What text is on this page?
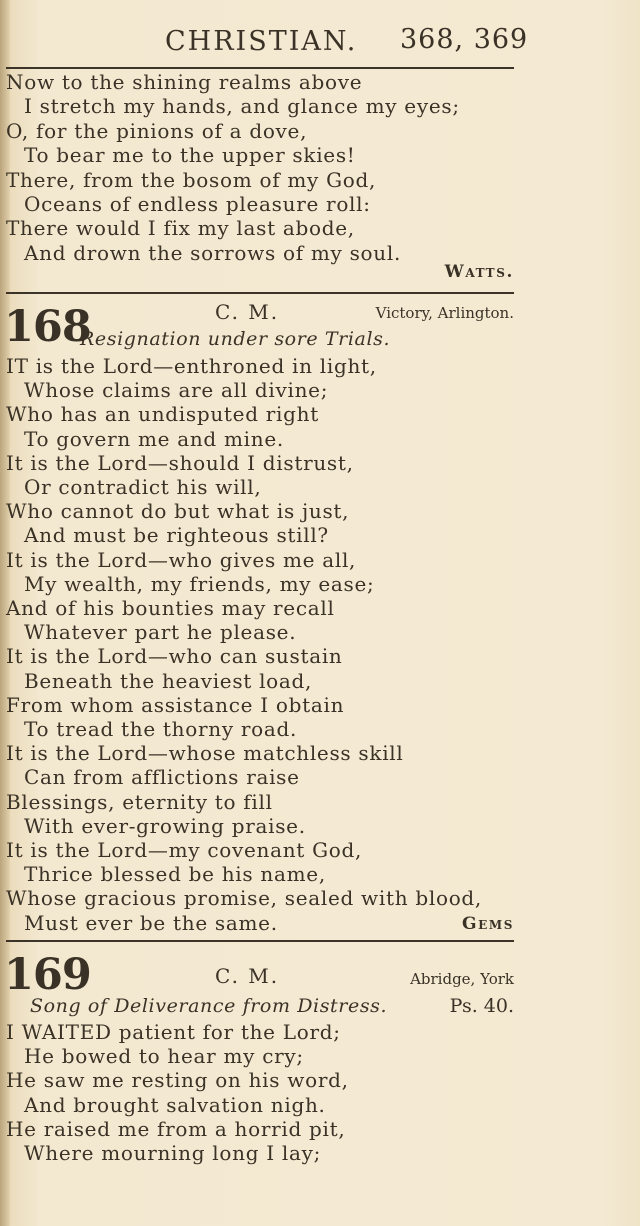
CHRISTIAN. 368, 369
Now to the shining realms above
I stretch my hands, and glance my eyes;
O, for the pinions of a dove,
To bear me to the upper skies!
There, from the bosom of my God,
Oceans of endless pleasure roll:
There would I fix my last abode,
And drown the sorrows of my soul.
Watts.
168	C. M.	Victory, Arlington.
Resignation under sore Trials.
IT is the Lord—enthroned in light,
Whose claims are all divine;
Who has an undisputed right
To govern me and mine.
It is the Lord—should I distrust,
Or contradict his will,
Who cannot do but what is just,
And must be righteous still?
It is the Lord—who gives me all,
My wealth, my friends, my ease;
And of his bounties may recall
Whatever part he please.
It is the Lord—who can sustain
Beneath the heaviest load,
From whom assistance I obtain
To tread the thorny road.
It is the Lord—whose matchless skill
Can from afflictions raise
Blessings, eternity to fill
With ever-growing praise.
It is the Lord—my covenant God,
Thrice blessed be his name,
Whose gracious promise, sealed with blood,
Must ever be the same.	Gems
169	C. M.	Abridge, York
Song of Deliverance from Distress.	Ps. 40.
I WAITED patient for the Lord;
He bowed to hear my cry;
He saw me resting on his word,
And brought salvation nigh.
He raised me from a horrid pit,
Where mourning long I lay;
